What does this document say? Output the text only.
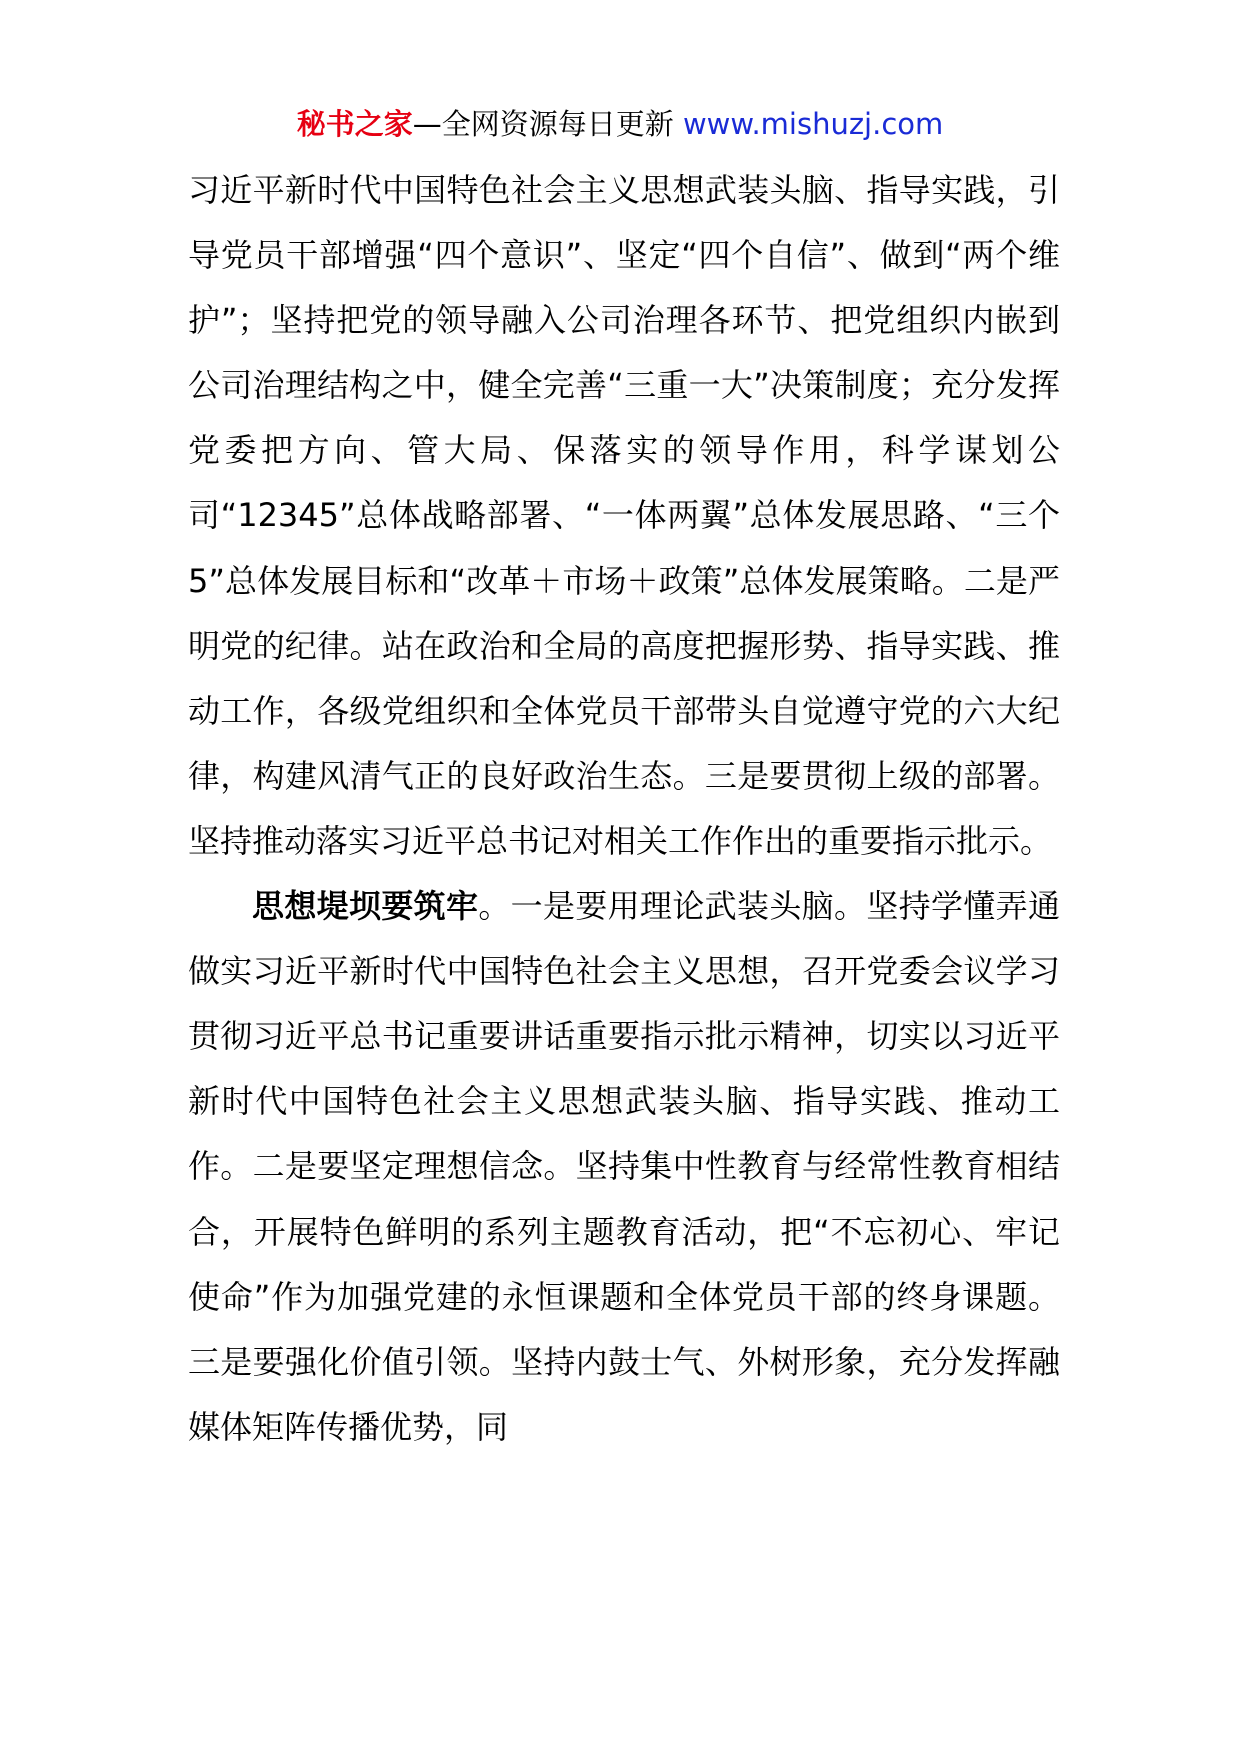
秘书之家—全网资源每日更新 www.mishuzj.com

习近平新时代中国特色社会主义思想武装头脑、指导实践，引导党员干部增强“四个意识”、坚定“四个自信”、做到“两个维护”；坚持把党的领导融入公司治理各环节、把党组织内嵌到公司治理结构之中，健全完善“三重一大”决策制度；充分发挥党委把方向、管大局、保落实的领导作用，科学谋划公司“12345”总体战略部署、“一体两翼”总体发展思路、“三个5”总体发展目标和“改革＋市场＋政策”总体发展策略。二是严明党的纪律。站在政治和全局的高度把握形势、指导实践、推动工作，各级党组织和全体党员干部带头自觉遵守党的六大纪律，构建风清气正的良好政治生态。三是要贯彻上级的部署。坚持推动落实习近平总书记对相关工作作出的重要指示批示。

思想堤坝要筑牢。一是要用理论武装头脑。坚持学懂弄通做实习近平新时代中国特色社会主义思想，召开党委会议学习贯彻习近平总书记重要讲话重要指示批示精神，切实以习近平新时代中国特色社会主义思想武装头脑、指导实践、推动工作。二是要坚定理想信念。坚持集中性教育与经常性教育相结合，开展特色鲜明的系列主题教育活动，把“不忘初心、牢记使命”作为加强党建的永恒课题和全体党员干部的终身课题。三是要强化价值引领。坚持内鼓士气、外树形象，充分发挥融媒体矩阵传播优势，同
